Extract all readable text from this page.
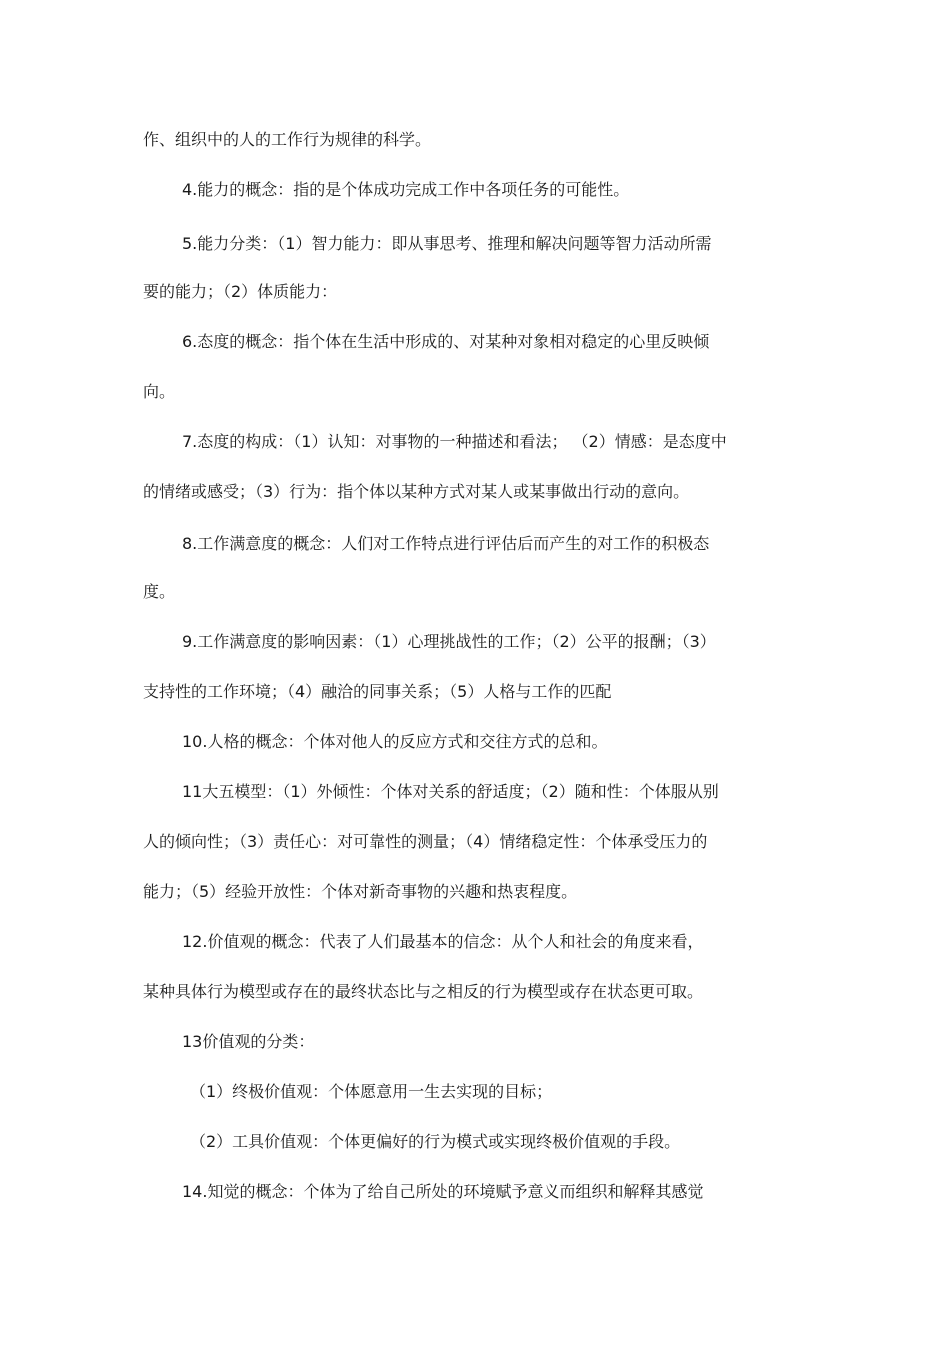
作、组织中的人的工作行为规律的科学。
4.能力的概念：指的是个体成功完成工作中各项任务的可能性。
5.能力分类：（1）智力能力：即从事思考、推理和解决问题等智力活动所需
要的能力；（2）体质能力：
6.态度的概念：指个体在生活中形成的、对某种对象相对稳定的心里反映倾
向。
7.态度的构成：（1）认知：对事物的一种描述和看法； （2）情感：是态度中
的情绪或感受；（3）行为：指个体以某种方式对某人或某事做出行动的意向。
8.工作满意度的概念：人们对工作特点进行评估后而产生的对工作的积极态
度。
9.工作满意度的影响因素：（1）心理挑战性的工作；（2）公平的报酬；（3）
支持性的工作环境；（4）融洽的同事关系；（5）人格与工作的匹配
10.人格的概念：个体对他人的反应方式和交往方式的总和。
11大五模型：（1）外倾性：个体对关系的舒适度；（2）随和性：个体服从别
人的倾向性；（3）责任心：对可靠性的测量；（4）情绪稳定性：个体承受压力的
能力；（5）经验开放性：个体对新奇事物的兴趣和热衷程度。
12.价值观的概念：代表了人们最基本的信念：从个人和社会的角度来看，
某种具体行为模型或存在的最终状态比与之相反的行为模型或存在状态更可取。
13价值观的分类：
（1）终极价值观：个体愿意用一生去实现的目标；
（2）工具价值观：个体更偏好的行为模式或实现终极价值观的手段。
14.知觉的概念：个体为了给自己所处的环境赋予意义而组织和解释其感觉
